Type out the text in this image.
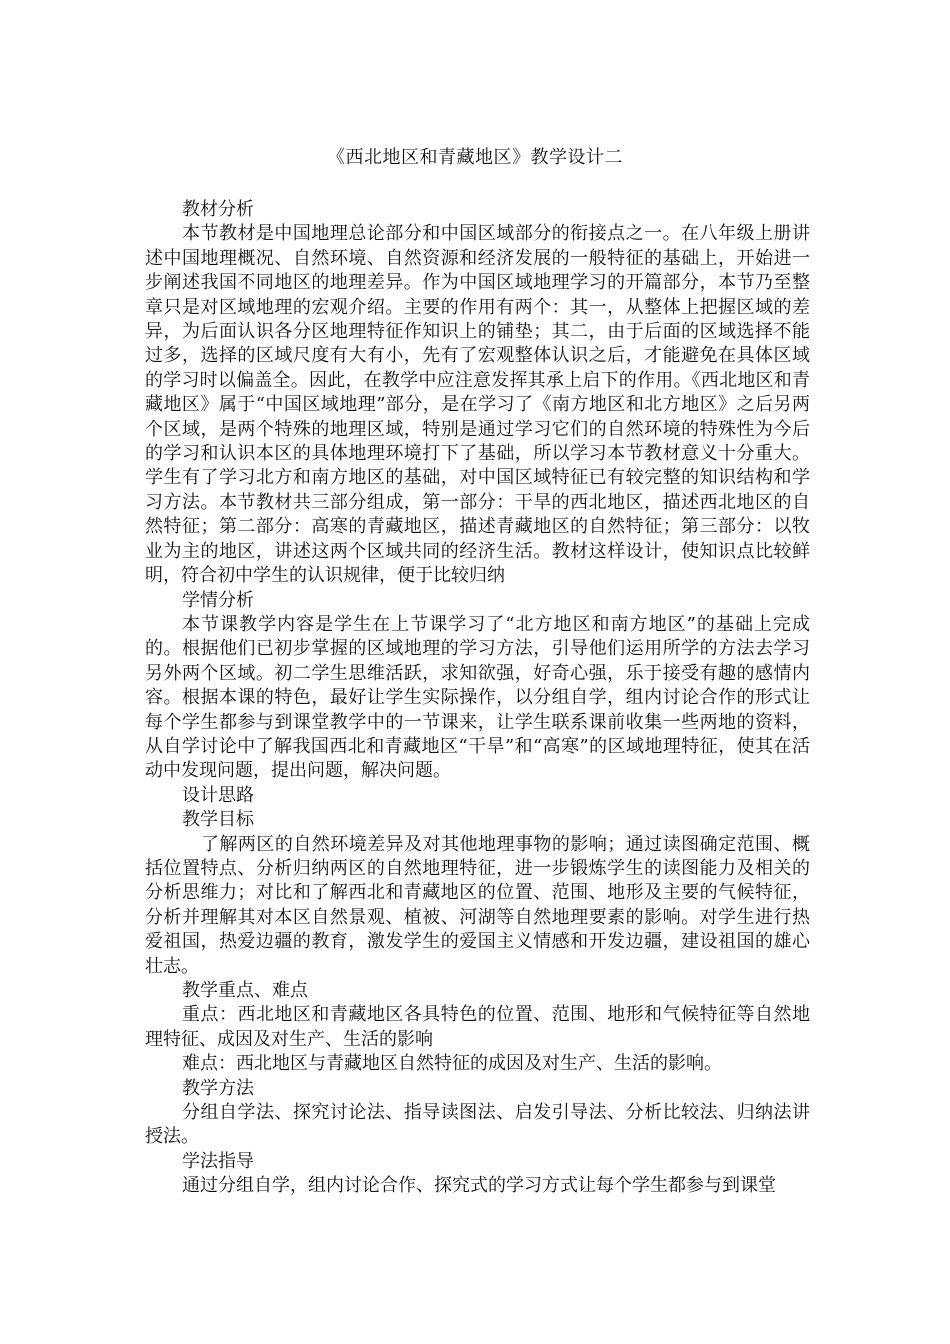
《西北地区和青藏地区》教学设计二

教材分析

本节教材是中国地理总论部分和中国区域部分的衔接点之一。在八年级上册讲述中国地理概况、自然环境、自然资源和经济发展的一般特征的基础上，开始进一步阐述我国不同地区的地理差异。作为中国区域地理学习的开篇部分，本节乃至整章只是对区域地理的宏观介绍。主要的作用有两个：其一，从整体上把握区域的差异，为后面认识各分区地理特征作知识上的铺垫；其二，由于后面的区域选择不能过多，选择的区域尺度有大有小，先有了宏观整体认识之后，才能避免在具体区域的学习时以偏盖全。因此，在教学中应注意发挥其承上启下的作用。《西北地区和青藏地区》属于“中国区域地理”部分，是在学习了《南方地区和北方地区》之后另两个区域，是两个特殊的地理区域，特别是通过学习它们的自然环境的特殊性为今后的学习和认识本区的具体地理环境打下了基础，所以学习本节教材意义十分重大。学生有了学习北方和南方地区的基础，对中国区域特征已有较完整的知识结构和学习方法。本节教材共三部分组成，第一部分：干旱的西北地区，描述西北地区的自然特征；第二部分：高寒的青藏地区，描述青藏地区的自然特征；第三部分：以牧业为主的地区，讲述这两个区域共同的经济生活。教材这样设计，使知识点比较鲜明，符合初中学生的认识规律，便于比较归纳

学情分析

本节课教学内容是学生在上节课学习了“北方地区和南方地区”的基础上完成的。根据他们已初步掌握的区域地理的学习方法，引导他们运用所学的方法去学习另外两个区域。初二学生思维活跃，求知欲强，好奇心强，乐于接受有趣的感情内容。根据本课的特色，最好让学生实际操作，以分组自学，组内讨论合作的形式让每个学生都参与到课堂教学中的一节课来，让学生联系课前收集一些两地的资料，从自学讨论中了解我国西北和青藏地区“干旱”和“高寒”的区域地理特征，使其在活动中发现问题，提出问题，解决问题。

设计思路

教学目标

了解两区的自然环境差异及对其他地理事物的影响；通过读图确定范围、概括位置特点、分析归纳两区的自然地理特征，进一步锻炼学生的读图能力及相关的分析思维力；对比和了解西北和青藏地区的位置、范围、地形及主要的气候特征，分析并理解其对本区自然景观、植被、河湖等自然地理要素的影响。对学生进行热爱祖国，热爱边疆的教育，激发学生的爱国主义情感和开发边疆，建设祖国的雄心壮志。

教学重点、难点

重点：西北地区和青藏地区各具特色的位置、范围、地形和气候特征等自然地理特征、成因及对生产、生活的影响

难点：西北地区与青藏地区自然特征的成因及对生产、生活的影响。

教学方法

分组自学法、探究讨论法、指导读图法、启发引导法、分析比较法、归纳法讲授法。

学法指导

通过分组自学，组内讨论合作、探究式的学习方式让每个学生都参与到课堂
